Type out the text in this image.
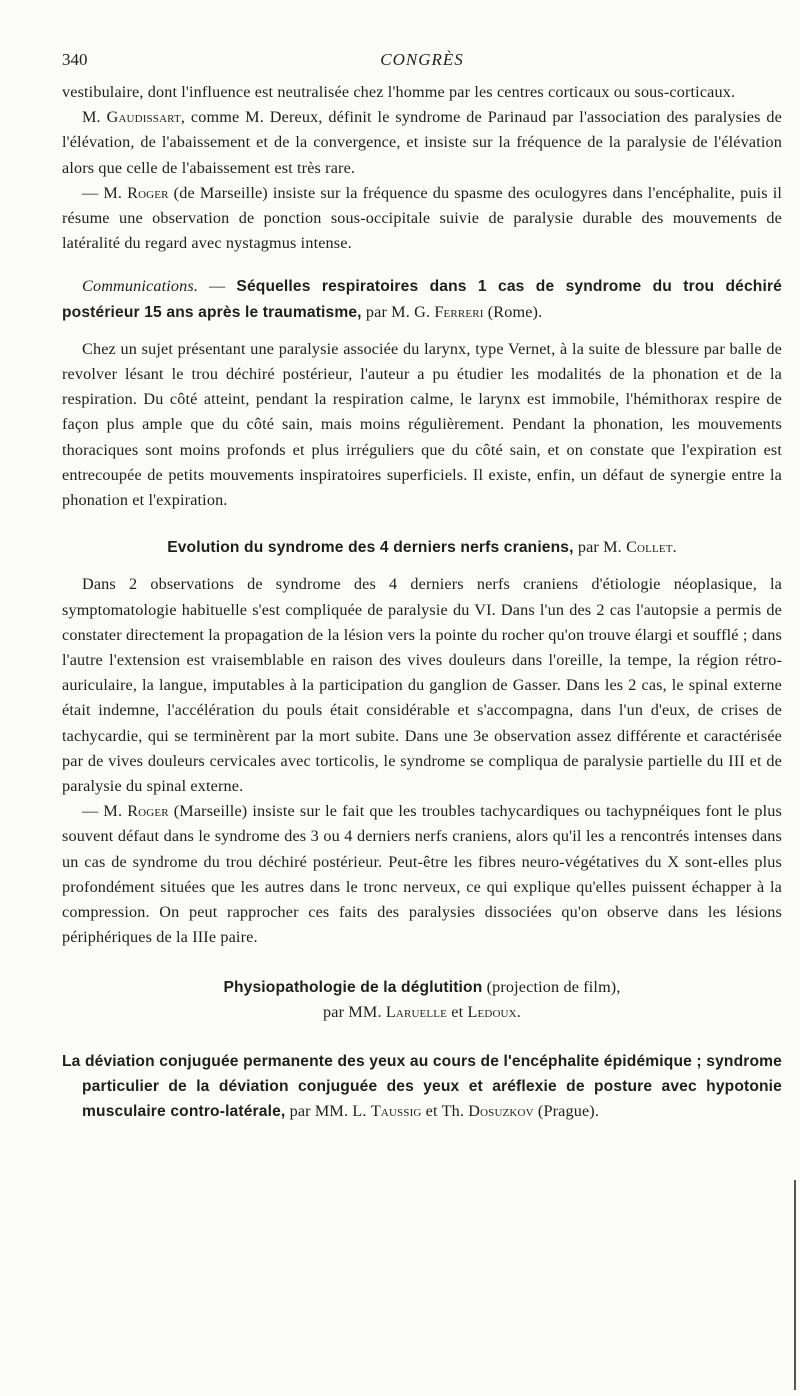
340	CONGRÈS

vestibulaire, dont l'influence est neutralisée chez l'homme par les centres corticaux ou sous-corticaux.

M. Gaudissart, comme M. Dereux, définit le syndrome de Parinaud par l'association des paralysies de l'élévation, de l'abaissement et de la convergence, et insiste sur la fréquence de la paralysie de l'élévation alors que celle de l'abaissement est très rare.

— M. Roger (de Marseille) insiste sur la fréquence du spasme des oculogyres dans l'encéphalite, puis il résume une observation de ponction sous-occipitale suivie de paralysie durable des mouvements de latéralité du regard avec nystagmus intense.

Communications. — Séquelles respiratoires dans 1 cas de syndrome du trou déchiré postérieur 15 ans après le traumatisme, par M. G. Ferreri (Rome).

Chez un sujet présentant une paralysie associée du larynx, type Vernet, à la suite de blessure par balle de revolver lésant le trou déchiré postérieur, l'auteur a pu étudier les modalités de la phonation et de la respiration. Du côté atteint, pendant la respiration calme, le larynx est immobile, l'hémithorax respire de façon plus ample que du côté sain, mais moins régulièrement. Pendant la phonation, les mouvements thoraciques sont moins profonds et plus irréguliers que du côté sain, et on constate que l'expiration est entrecoupée de petits mouvements inspiratoires superficiels. Il existe, enfin, un défaut de synergie entre la phonation et l'expiration.

Evolution du syndrome des 4 derniers nerfs craniens, par M. Collet.

Dans 2 observations de syndrome des 4 derniers nerfs craniens d'étiologie néoplasique, la symptomatologie habituelle s'est compliquée de paralysie du VI. Dans l'un des 2 cas l'autopsie a permis de constater directement la propagation de la lésion vers la pointe du rocher qu'on trouve élargi et soufflé ; dans l'autre l'extension est vraisemblable en raison des vives douleurs dans l'oreille, la tempe, la région rétro-auriculaire, la langue, imputables à la participation du ganglion de Gasser. Dans les 2 cas, le spinal externe était indemne, l'accélération du pouls était considérable et s'accompagna, dans l'un d'eux, de crises de tachycardie, qui se terminèrent par la mort subite. Dans une 3e observation assez différente et caractérisée par de vives douleurs cervicales avec torticolis, le syndrome se compliqua de paralysie partielle du III et de paralysie du spinal externe.

— M. Roger (Marseille) insiste sur le fait que les troubles tachycardiques ou tachypnéiques font le plus souvent défaut dans le syndrome des 3 ou 4 derniers nerfs craniens, alors qu'il les a rencontrés intenses dans un cas de syndrome du trou déchiré postérieur. Peut-être les fibres neuro-végétatives du X sont-elles plus profondément situées que les autres dans le tronc nerveux, ce qui explique qu'elles puissent échapper à la compression. On peut rapprocher ces faits des paralysies dissociées qu'on observe dans les lésions périphériques de la IIIe paire.

Physiopathologie de la déglutition (projection de film),

par MM. Laruelle et Ledoux.

La déviation conjuguée permanente des yeux au cours de l'encéphalite épidémique ; syndrome particulier de la déviation conjuguée des yeux et aréflexie de posture avec hypotonie musculaire contro-latérale, par MM. L. Taussig et Th. Dosuzkov (Prague).
